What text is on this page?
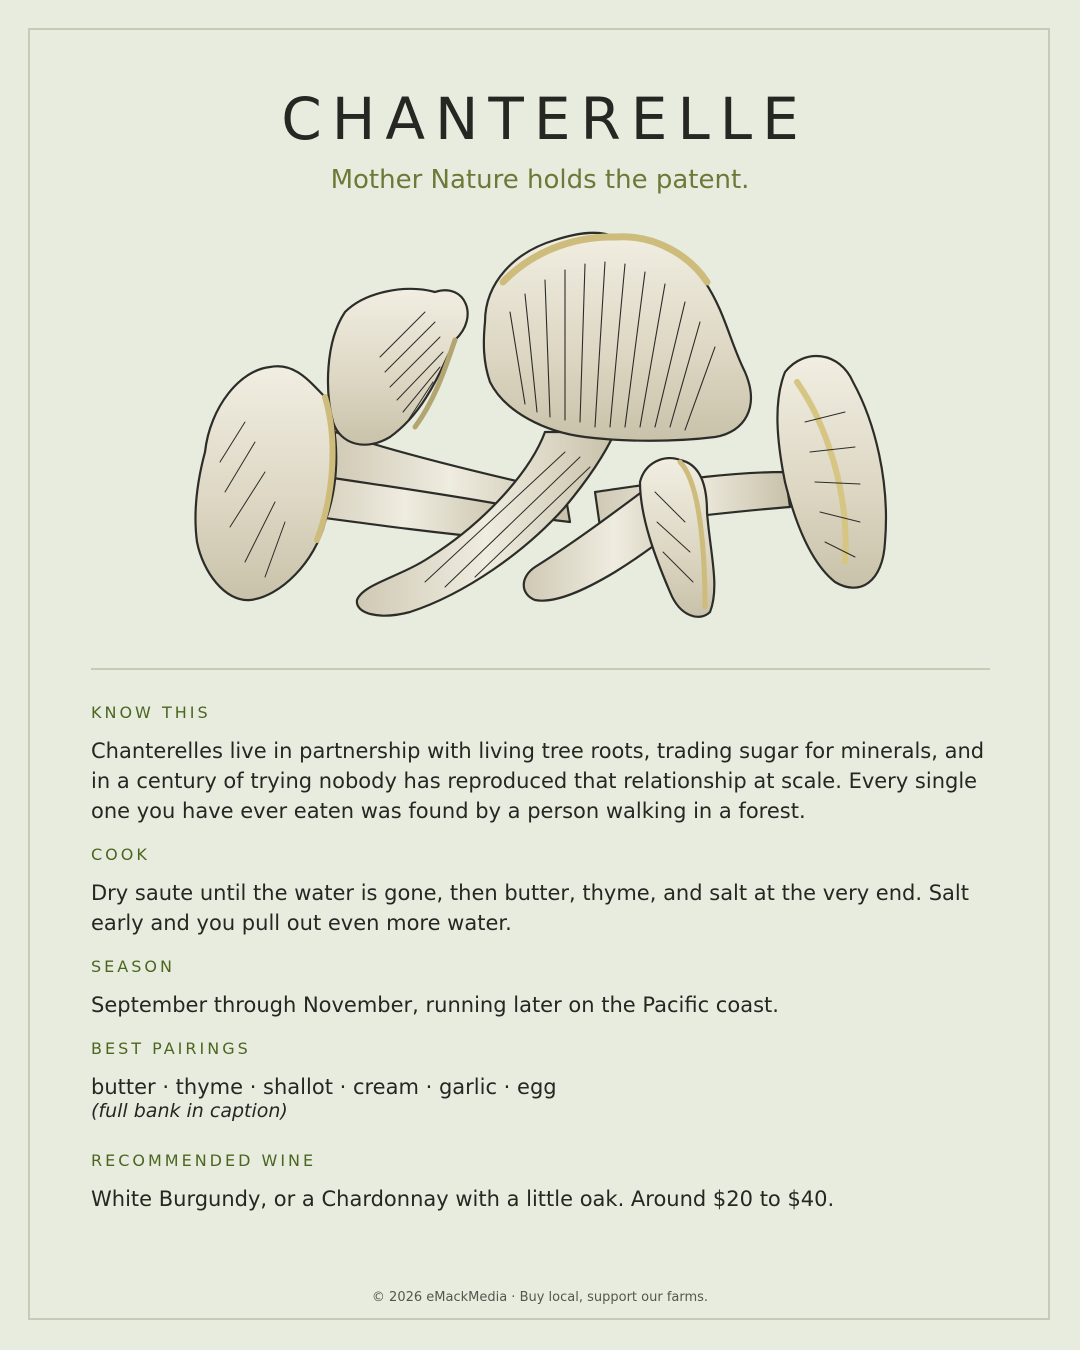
CHANTERELLE
Mother Nature holds the patent.
KNOW THIS
Chanterelles live in partnership with living tree roots, trading sugar for minerals, and in a century of trying nobody has reproduced that relationship at scale. Every single one you have ever eaten was found by a person walking in a forest.
COOK
Dry saute until the water is gone, then butter, thyme, and salt at the very end. Salt early and you pull out even more water.
SEASON
September through November, running later on the Pacific coast.
BEST PAIRINGS
butter · thyme · shallot · cream · garlic · egg
(full bank in caption)
RECOMMENDED WINE
White Burgundy, or a Chardonnay with a little oak. Around $20 to $40.
© 2026 eMackMedia · Buy local, support our farms.
